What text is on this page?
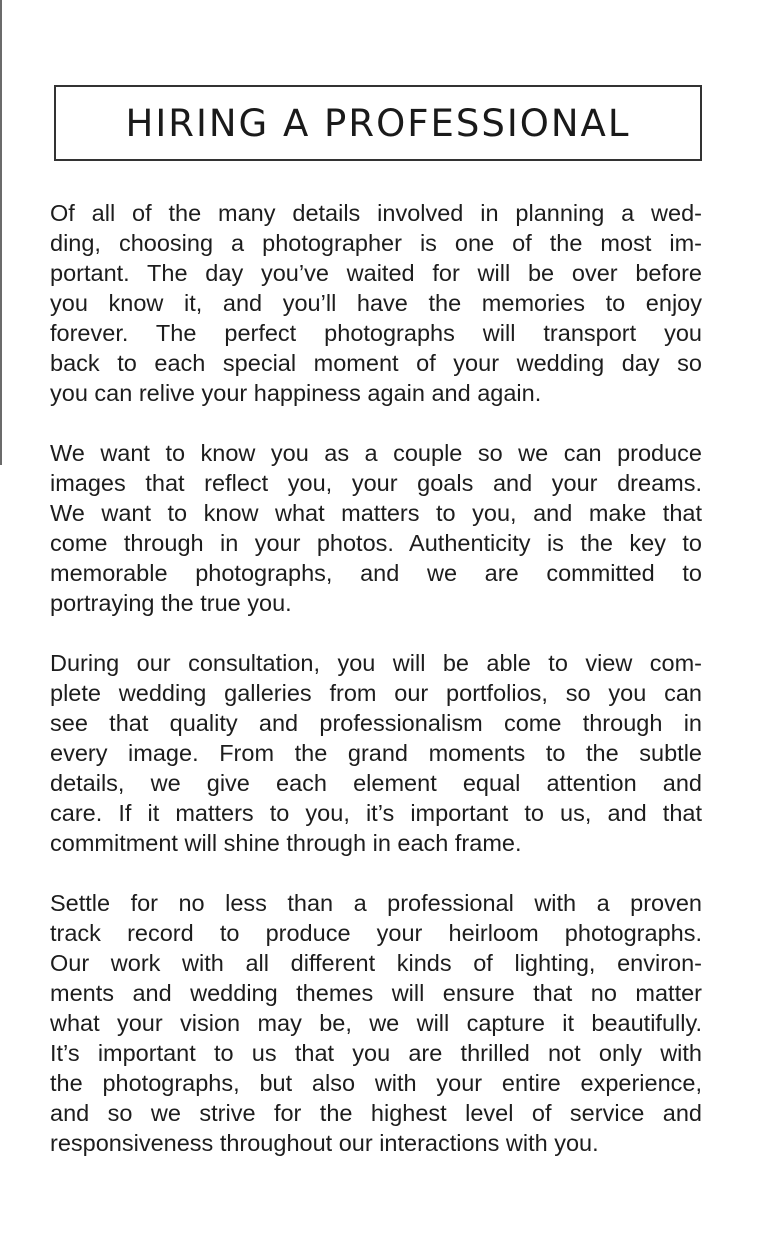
HIRING A PROFESSIONAL
Of all of the many details involved in planning a wed-
ding, choosing a photographer is one of the most im-
portant. The day you’ve waited for will be over before
you know it, and you’ll have the memories to enjoy
forever. The perfect photographs will transport you
back to each special moment of your wedding day so
you can relive your happiness again and again.
We want to know you as a couple so we can produce
images that reflect you, your goals and your dreams.
We want to know what matters to you, and make that
come through in your photos. Authenticity is the key to
memorable photographs, and we are committed to
portraying the true you.
During our consultation, you will be able to view com-
plete wedding galleries from our portfolios, so you can
see that quality and professionalism come through in
every image. From the grand moments to the subtle
details, we give each element equal attention and
care. If it matters to you, it’s important to us, and that
commitment will shine through in each frame.
Settle for no less than a professional with a proven
track record to produce your heirloom photographs.
Our work with all different kinds of lighting, environ-
ments and wedding themes will ensure that no matter
what your vision may be, we will capture it beautifully.
It’s important to us that you are thrilled not only with
the photographs, but also with your entire experience,
and so we strive for the highest level of service and
responsiveness throughout our interactions with you.
